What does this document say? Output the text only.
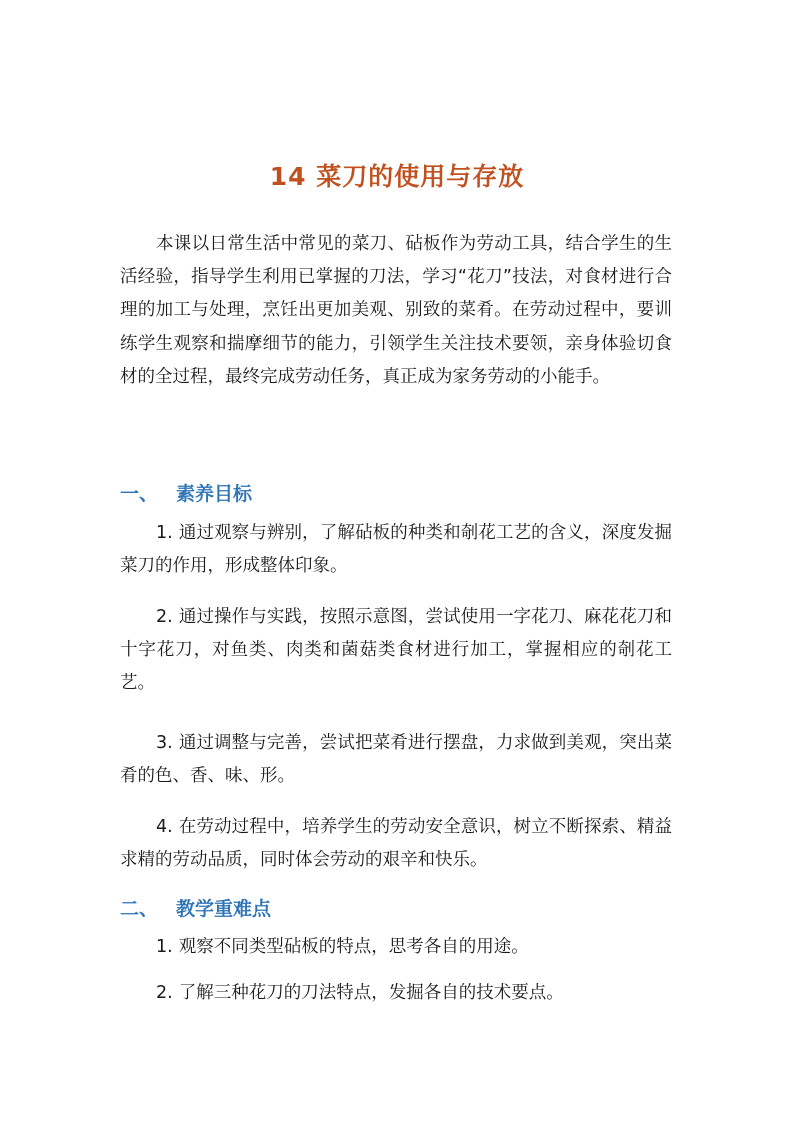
14 菜刀的使用与存放

本课以日常生活中常见的菜刀、砧板作为劳动工具，结合学生的生活经验，指导学生利用已掌握的刀法，学习“花刀”技法，对食材进行合理的加工与处理，烹饪出更加美观、别致的菜肴。在劳动过程中，要训练学生观察和揣摩细节的能力，引领学生关注技术要领，亲身体验切食材的全过程，最终完成劳动任务，真正成为家务劳动的小能手。

一、 素养目标

1. 通过观察与辨别，了解砧板的种类和剞花工艺的含义，深度发掘菜刀的作用，形成整体印象。

2. 通过操作与实践，按照示意图，尝试使用一字花刀、麻花花刀和十字花刀，对鱼类、肉类和菌菇类食材进行加工，掌握相应的剞花工艺。

3. 通过调整与完善，尝试把菜肴进行摆盘，力求做到美观，突出菜肴的色、香、味、形。

4. 在劳动过程中，培养学生的劳动安全意识，树立不断探索、精益求精的劳动品质，同时体会劳动的艰辛和快乐。

二、 教学重难点

1. 观察不同类型砧板的特点，思考各自的用途。

2. 了解三种花刀的刀法特点，发掘各自的技术要点。
